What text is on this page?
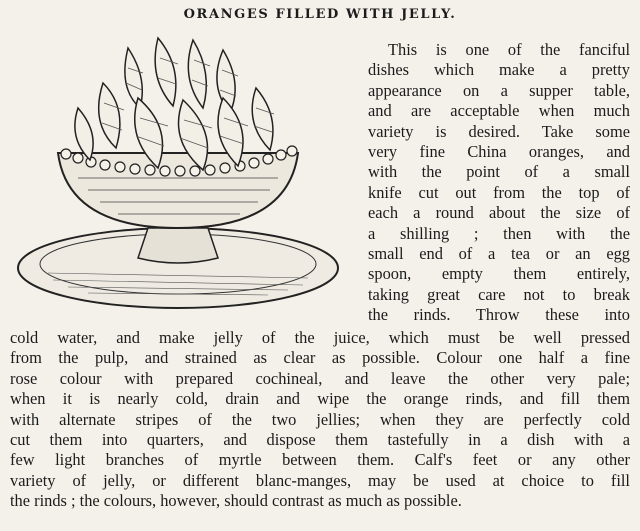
ORANGES FILLED WITH JELLY.
This is one of the fanciful
dishes which make a pretty
appearance on a supper table,
and are acceptable when much
variety is desired. Take some
very fine China oranges, and
with the point of a small
knife cut out from the top of
each a round about the size of
a shilling ; then with the
small end of a tea or an egg
spoon, empty them entirely,
taking great care not to break
the rinds. Throw these into
cold water, and make jelly of the juice, which must be well pressed
from the pulp, and strained as clear as possible. Colour one half a fine
rose colour with prepared cochineal, and leave the other very pale;
when it is nearly cold, drain and wipe the orange rinds, and fill them
with alternate stripes of the two jellies; when they are perfectly cold
cut them into quarters, and dispose them tastefully in a dish with a
few light branches of myrtle between them. Calf's feet or any other
variety of jelly, or different blanc-manges, may be used at choice to fill
the rinds ; the colours, however, should contrast as much as possible.
